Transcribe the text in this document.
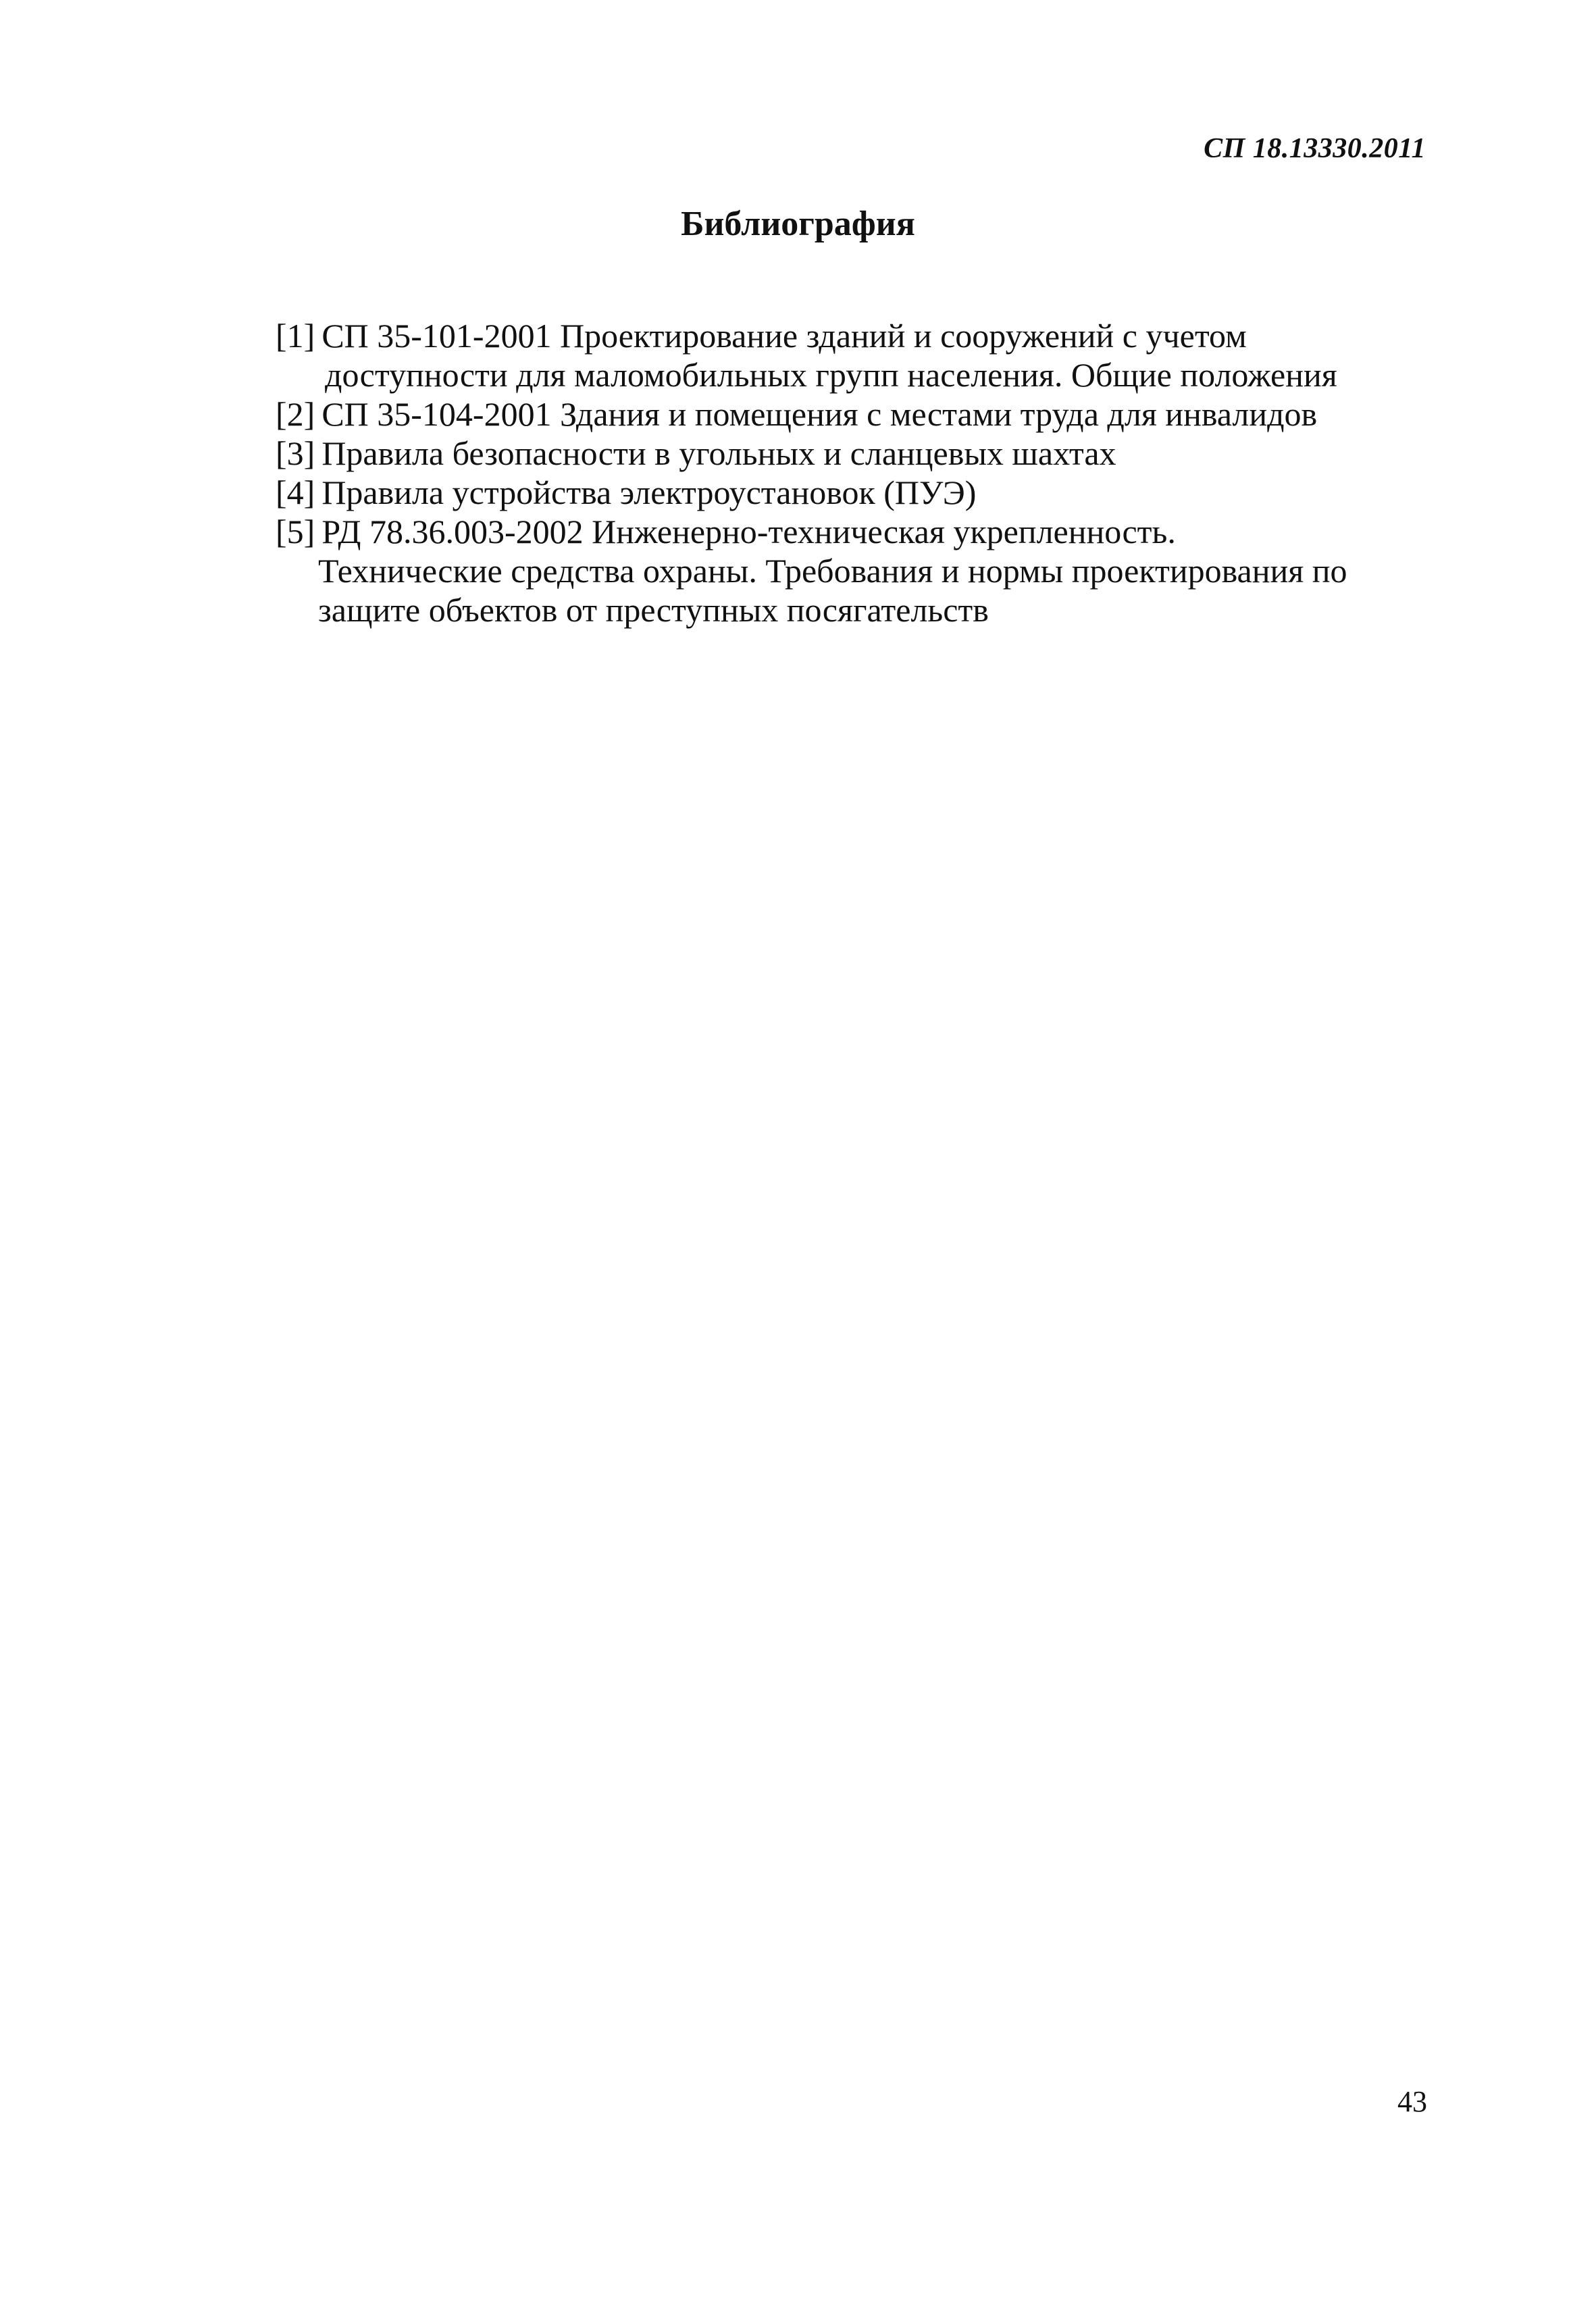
СП 18.13330.2011
Библиография
[1] СП 35-101-2001 Проектирование зданий и сооружений с учетом
доступности для маломобильных групп населения. Общие положения
[2] СП 35-104-2001 Здания и помещения с местами труда для инвалидов
[3] Правила безопасности в угольных и сланцевых шахтах
[4] Правила устройства электроустановок (ПУЭ)
[5] РД 78.36.003-2002 Инженерно-техническая укрепленность.
Технические средства охраны. Требования и нормы проектирования по
защите объектов от преступных посягательств
43
